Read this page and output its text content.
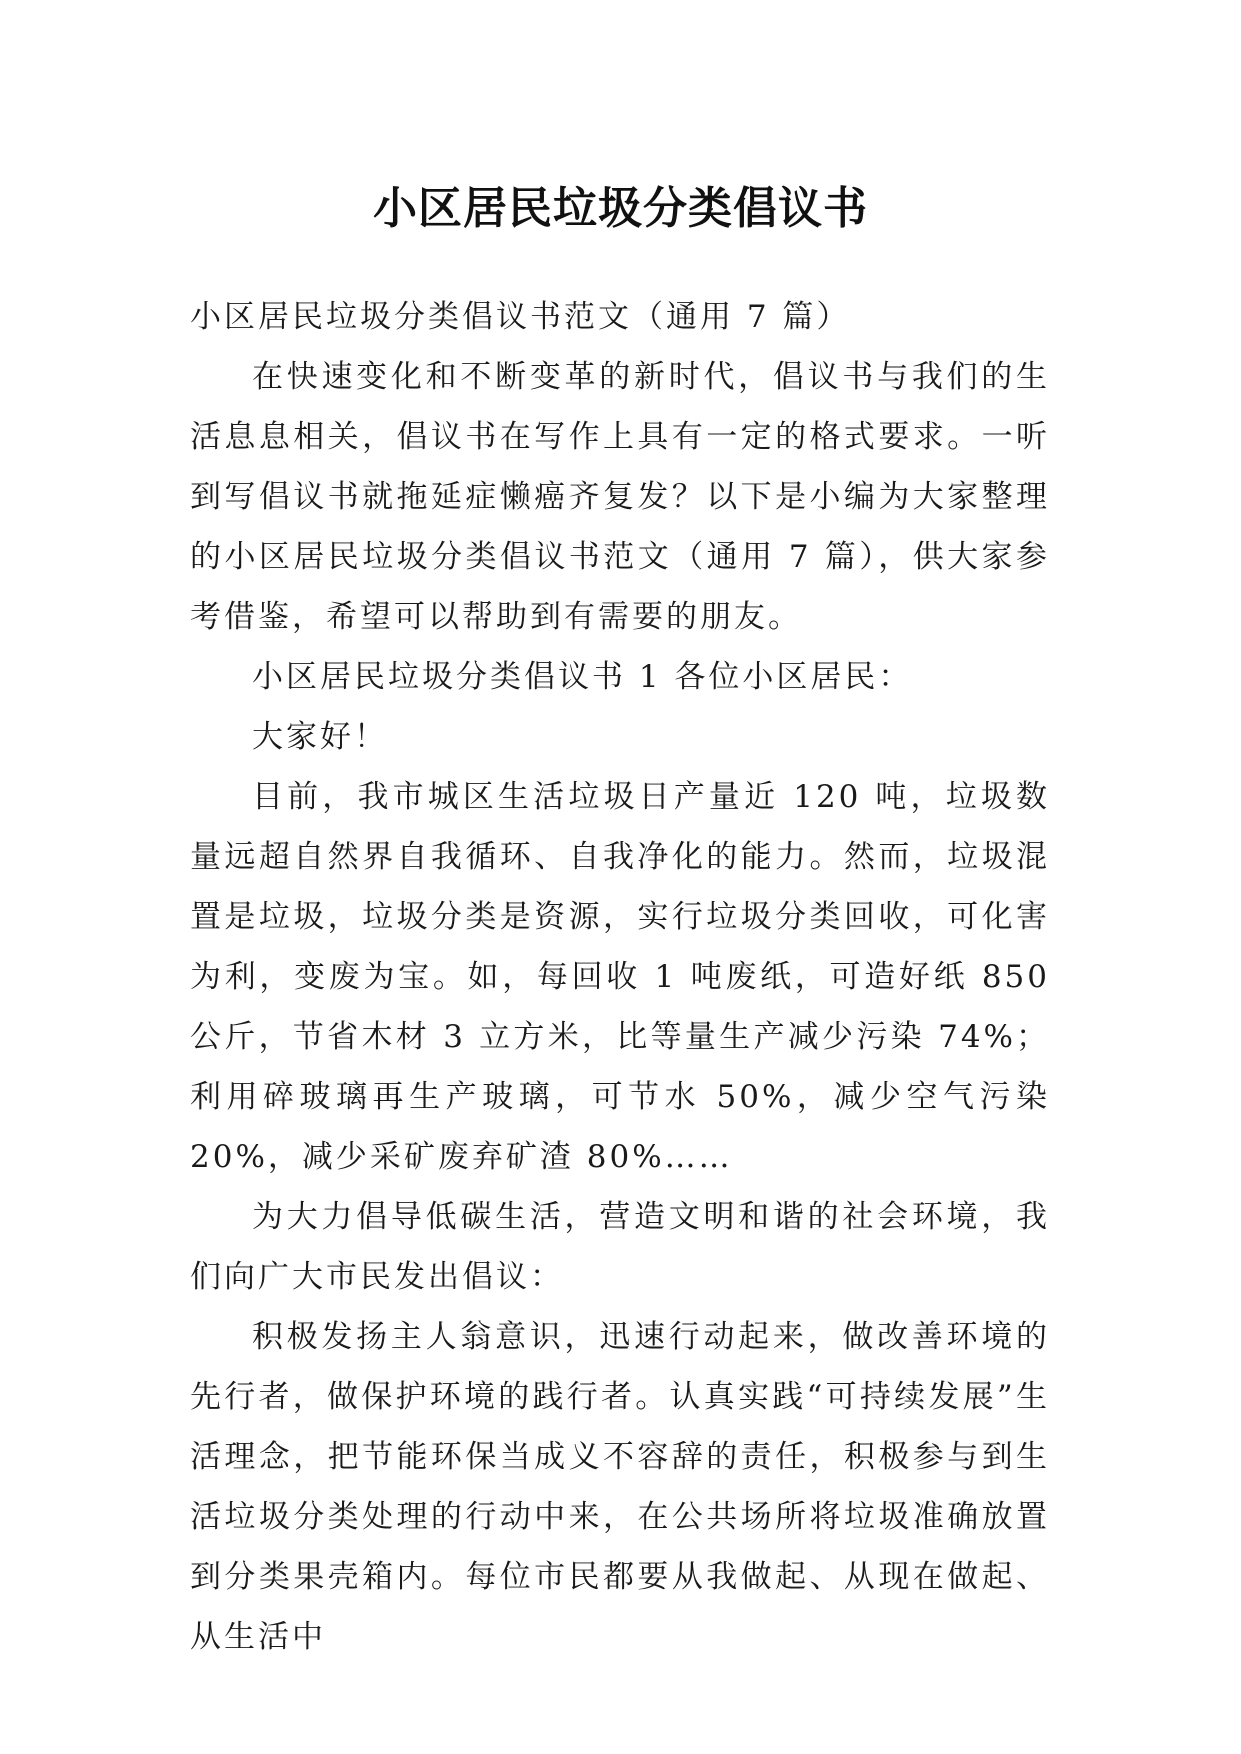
小区居民垃圾分类倡议书

小区居民垃圾分类倡议书范文（通用 7 篇）

在快速变化和不断变革的新时代，倡议书与我们的生活息息相关，倡议书在写作上具有一定的格式要求。一听到写倡议书就拖延症懒癌齐复发？以下是小编为大家整理的小区居民垃圾分类倡议书范文（通用 7 篇），供大家参考借鉴，希望可以帮助到有需要的朋友。

小区居民垃圾分类倡议书 1 各位小区居民：

大家好！

目前，我市城区生活垃圾日产量近 120 吨，垃圾数量远超自然界自我循环、自我净化的能力。然而，垃圾混置是垃圾，垃圾分类是资源，实行垃圾分类回收，可化害为利，变废为宝。如，每回收 1 吨废纸，可造好纸 850 公斤，节省木材 3 立方米，比等量生产减少污染 74%；利用碎玻璃再生产玻璃，可节水 50%，减少空气污染 20%，减少采矿废弃矿渣 80%……

为大力倡导低碳生活，营造文明和谐的社会环境，我们向广大市民发出倡议：

积极发扬主人翁意识，迅速行动起来，做改善环境的先行者，做保护环境的践行者。认真实践“可持续发展”生活理念，把节能环保当成义不容辞的责任，积极参与到生活垃圾分类处理的行动中来，在公共场所将垃圾准确放置到分类果壳箱内。每位市民都要从我做起、从现在做起、从生活中
